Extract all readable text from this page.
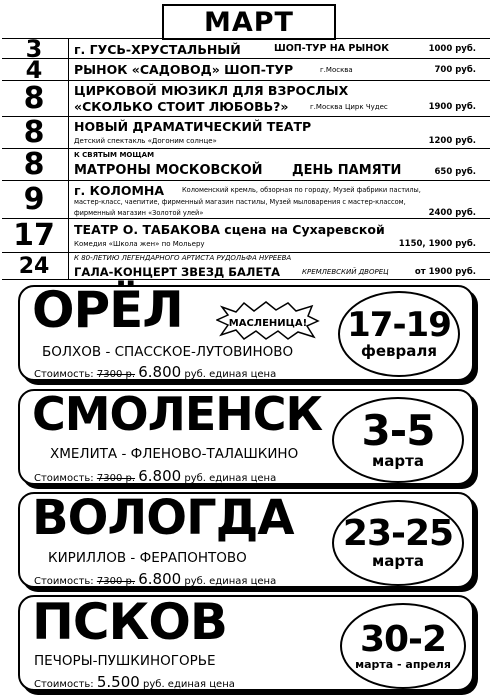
МАРТ
3	г. ГУСЬ-ХРУСТАЛЬНЫЙ	ШОП-ТУР НА РЫНОК	1000 руб.
4	РЫНОК «САДОВОД» ШОП-ТУР	г.Москва	700 руб.
8	ЦИРКОВОЙ МЮЗИКЛ ДЛЯ ВЗРОСЛЫХ
«СКОЛЬКО СТОИТ ЛЮБОВЬ?»	г.Москва Цирк Чудес	1900 руб.
8	НОВЫЙ ДРАМАТИЧЕСКИЙ ТЕАТР
Детский спектакль «Догоним солнце»	1200 руб.
8	К СВЯТЫМ МОЩАМ
МАТРОНЫ МОСКОВСКОЙ ДЕНЬ ПАМЯТИ	650 руб.
9	г. КОЛОМНА	Коломенский кремль, обзорная по городу, Музей фабрики пастилы,
мастер-класс, чаепитие, фирменный магазин пастилы, Музей мыловарения с мастер-классом,
фирменный магазин «Золотой улей»	2400 руб.
17	ТЕАТР О. ТАБАКОВА сцена на Сухаревской
Комедия «Школа жен» по Мольеру	1150, 1900 руб.
24	К 80-ЛЕТИЮ ЛЕГЕНДАРНОГО АРТИСТА РУДОЛЬФА НУРЕЕВА
ГАЛА-КОНЦЕРТ ЗВЕЗД БАЛЕТА	КРЕМЛЕВСКИЙ ДВОРЕЦ	от 1900 руб.
ОРЁЛ
БОЛХОВ - СПАССКОЕ-ЛУТОВИНОВО
Стоимость: 7300 р. 6.800 руб. единая цена
17-19
февраля
МАСЛЕНИЦА!
СМОЛЕНСК
ХМЕЛИТА - ФЛЕНОВО-ТАЛАШКИНО
Стоимость: 7300 р. 6.800 руб. единая цена
3-5
марта
ВОЛОГДА
КИРИЛЛОВ - ФЕРАПОНТОВО
Стоимость: 7300 р. 6.800 руб. единая цена
23-25
марта
ПСКОВ
ПЕЧОРЫ-ПУШКИНОГОРЬЕ
Стоимость: 5.500 руб. единая цена
30-2
марта - апреля
